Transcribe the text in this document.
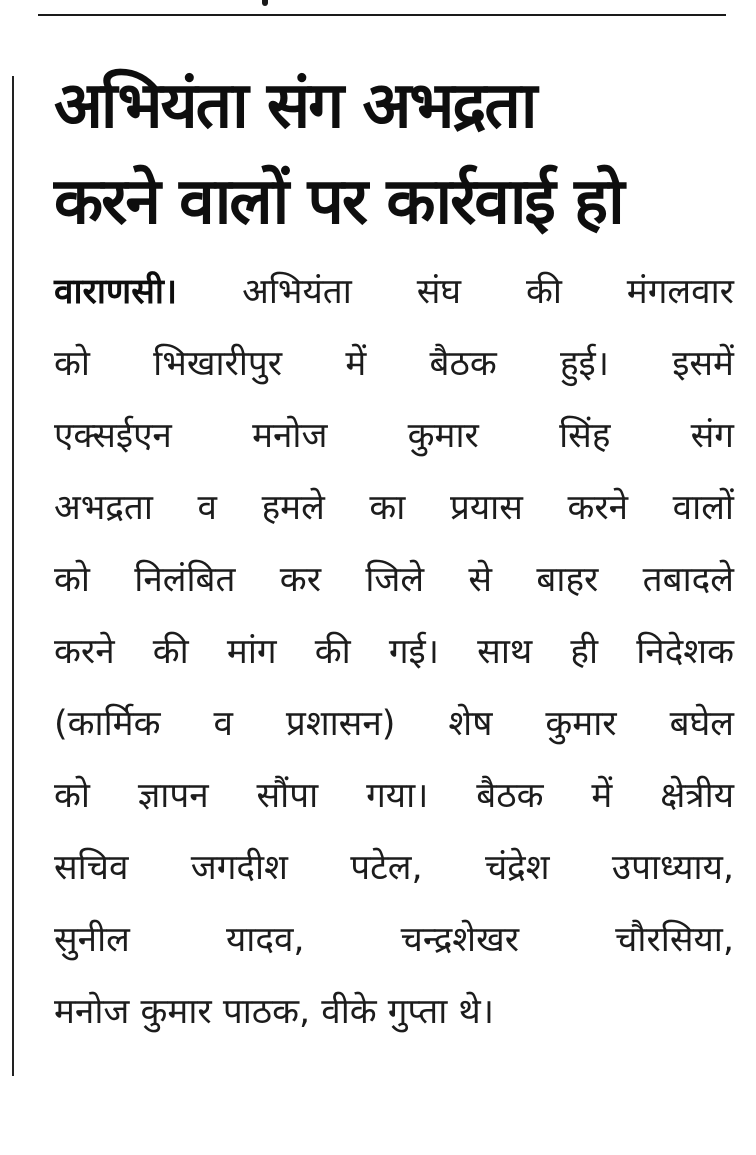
अभियंता संग अभद्रता
करने वालों पर कार्रवाई हो
वाराणसी। अभियंता संघ की मंगलवार
को भिखारीपुर में बैठक हुई। इसमें
एक्सईएन मनोज कुमार सिंह संग
अभद्रता व हमले का प्रयास करने वालों
को निलंबित कर जिले से बाहर तबादले
करने की मांग की गई। साथ ही निदेशक
(कार्मिक व प्रशासन) शेष कुमार बघेल
को ज्ञापन सौंपा गया। बैठक में क्षेत्रीय
सचिव जगदीश पटेल, चंद्रेश उपाध्याय,
सुनील यादव, चन्द्रशेखर चौरसिया,
मनोज कुमार पाठक, वीके गुप्ता थे।
